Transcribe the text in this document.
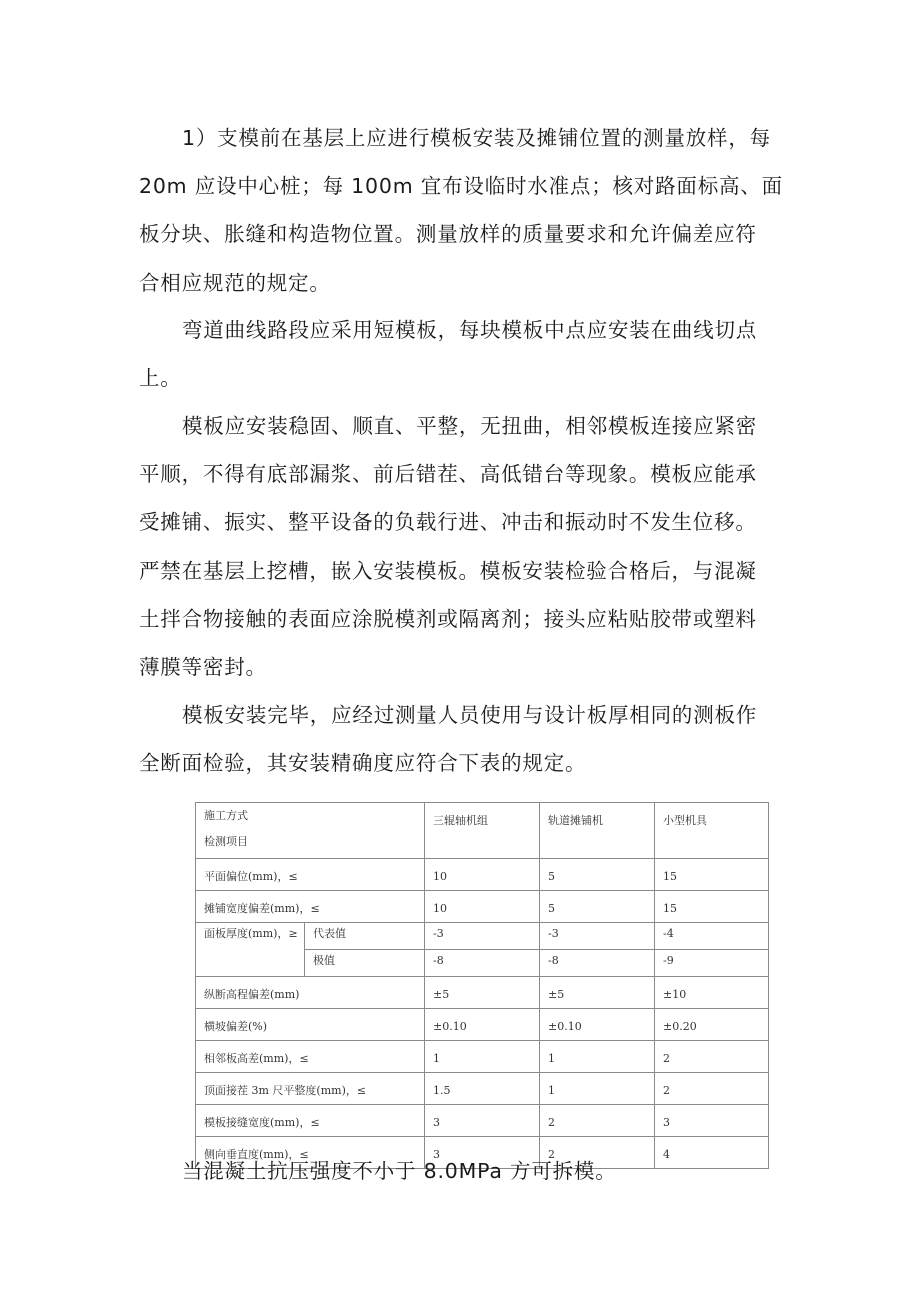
1）支模前在基层上应进行模板安装及摊铺位置的测量放样，每
20m 应设中心桩；每 100m 宜布设临时水准点；核对路面标高、面
板分块、胀缝和构造物位置。测量放样的质量要求和允许偏差应符
合相应规范的规定。

弯道曲线路段应采用短模板，每块模板中点应安装在曲线切点
上。

模板应安装稳固、顺直、平整，无扭曲，相邻模板连接应紧密
平顺，不得有底部漏浆、前后错茬、高低错台等现象。模板应能承
受摊铺、振实、整平设备的负载行进、冲击和振动时不发生位移。
严禁在基层上挖槽，嵌入安装模板。模板安装检验合格后，与混凝
土拌合物接触的表面应涂脱模剂或隔离剂；接头应粘贴胶带或塑料
薄膜等密封。

模板安装完毕，应经过测量人员使用与设计板厚相同的测板作
全断面检验，其安装精确度应符合下表的规定。

施工方式
检测项目		三辊轴机组	轨道摊铺机	小型机具
平面偏位(mm)，≤		10	5	15
摊铺宽度偏差(mm)，≤		10	5	15
面板厚度(mm)，≥	代表值	-3	-3	-4
	极值	-8	-8	-9
纵断高程偏差(mm)		±5	±5	±10
横坡偏差(%)		±0.10	±0.10	±0.20
相邻板高差(mm)，≤		1	1	2
顶面接茬 3m 尺平整度(mm)，≤		1.5	1	2
模板接缝宽度(mm)，≤		3	2	3
侧向垂直度(mm)，≤		3	2	4

当混凝土抗压强度不小于 8.0MPa 方可拆模。
